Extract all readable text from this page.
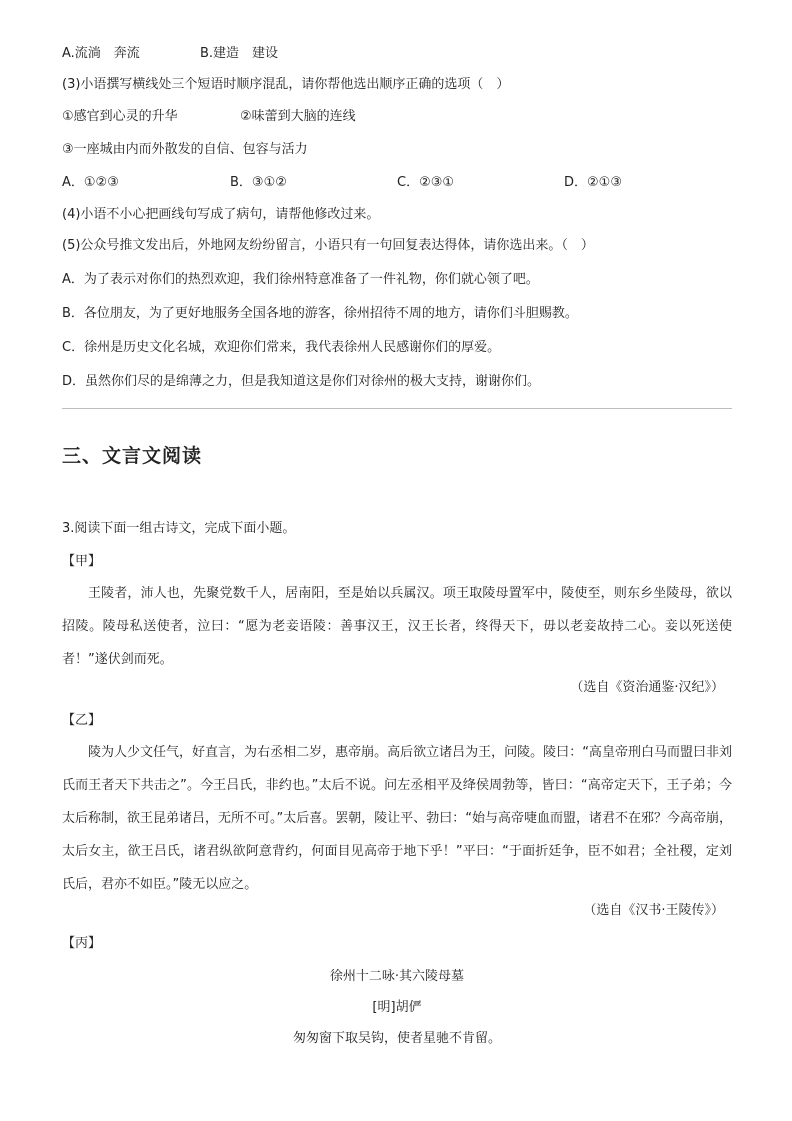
A.流淌　奔流	B.建造　建设
(3)小语撰写横线处三个短语时顺序混乱，请你帮他选出顺序正确的选项（　）
①感官到心灵的升华	②味蕾到大脑的连线
③一座城由内而外散发的自信、包容与活力
A．①②③	B．③①②	C．②③①	D．②①③
(4)小语不小心把画线句写成了病句，请帮他修改过来。
(5)公众号推文发出后，外地网友纷纷留言，小语只有一句回复表达得体，请你选出来。（　）
A．为了表示对你们的热烈欢迎，我们徐州特意准备了一件礼物，你们就心领了吧。
B．各位朋友，为了更好地服务全国各地的游客，徐州招待不周的地方，请你们斗胆赐教。
C．徐州是历史文化名城，欢迎你们常来，我代表徐州人民感谢你们的厚爱。
D．虽然你们尽的是绵薄之力，但是我知道这是你们对徐州的极大支持，谢谢你们。
三、文言文阅读
3.阅读下面一组古诗文，完成下面小题。
【甲】
王陵者，沛人也，先聚党数千人，居南阳，至是始以兵属汉。项王取陵母置军中，陵使至，则东乡坐陵母，欲以招陵。陵母私送使者，泣曰：“愿为老妾语陵：善事汉王，汉王长者，终得天下，毋以老妾故持二心。妾以死送使者！”遂伏剑而死。
（选自《资治通鉴·汉纪》）
【乙】
陵为人少文任气，好直言，为右丞相二岁，惠帝崩。高后欲立诸吕为王，问陵。陵曰：“高皇帝刑白马而盟曰非刘氏而王者天下共击之”。今王吕氏，非约也。”太后不说。问左丞相平及绛侯周勃等，皆曰：“高帝定天下，王子弟；今太后称制，欲王昆弟诸吕，无所不可。”太后喜。罢朝，陵让平、勃曰：“始与高帝啑血而盟，诸君不在邪？今高帝崩，太后女主，欲王吕氏，诸君纵欲阿意背约，何面目见高帝于地下乎！”平曰：“于面折廷争，臣不如君；全社稷，定刘氏后，君亦不如臣。”陵无以应之。
（选自《汉书·王陵传》）
【丙】
徐州十二咏·其六陵母墓
[明]胡俨
匆匆窗下取吴钩，使者星驰不肯留。
